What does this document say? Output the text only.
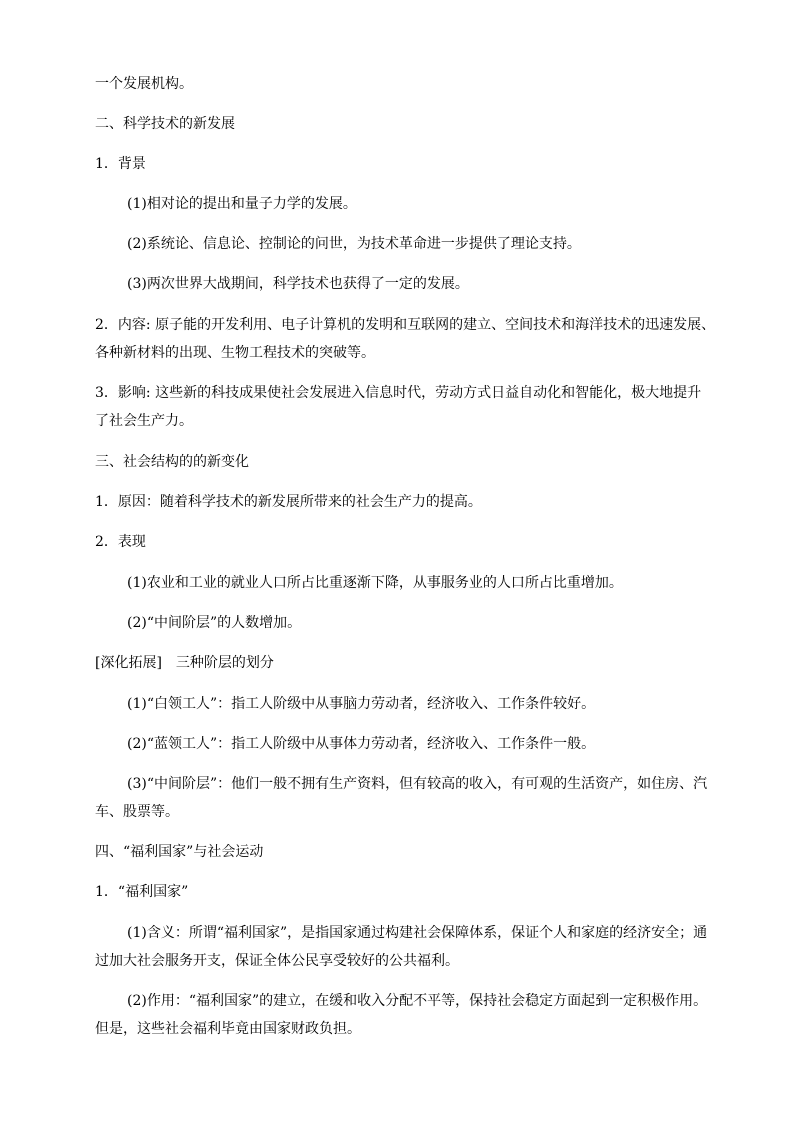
一个发展机构。
二、科学技术的新发展
1．背景
(1)相对论的提出和量子力学的发展。
(2)系统论、信息论、控制论的问世，为技术革命进一步提供了理论支持。
(3)两次世界大战期间，科学技术也获得了一定的发展。
2．内容: 原子能的开发利用、电子计算机的发明和互联网的建立、空间技术和海洋技术的迅速发展、
各种新材料的出现、生物工程技术的突破等。
3．影响: 这些新的科技成果使社会发展进入信息时代，劳动方式日益自动化和智能化，极大地提升
了社会生产力。
三、社会结构的的新变化
1．原因：随着科学技术的新发展所带来的社会生产力的提高。
2．表现
(1)农业和工业的就业人口所占比重逐渐下降，从事服务业的人口所占比重增加。
(2)“中间阶层”的人数增加。
[深化拓展]　三种阶层的划分
(1)“白领工人”：指工人阶级中从事脑力劳动者，经济收入、工作条件较好。
(2)“蓝领工人”：指工人阶级中从事体力劳动者，经济收入、工作条件一般。
(3)“中间阶层”：他们一般不拥有生产资料，但有较高的收入，有可观的生活资产，如住房、汽
车、股票等。
四、“福利国家”与社会运动
1．“福利国家”
(1)含义：所谓“福利国家”，是指国家通过构建社会保障体系，保证个人和家庭的经济安全；通
过加大社会服务开支，保证全体公民享受较好的公共福利。
(2)作用：“福利国家”的建立，在缓和收入分配不平等，保持社会稳定方面起到一定积极作用。
但是，这些社会福利毕竟由国家财政负担。
